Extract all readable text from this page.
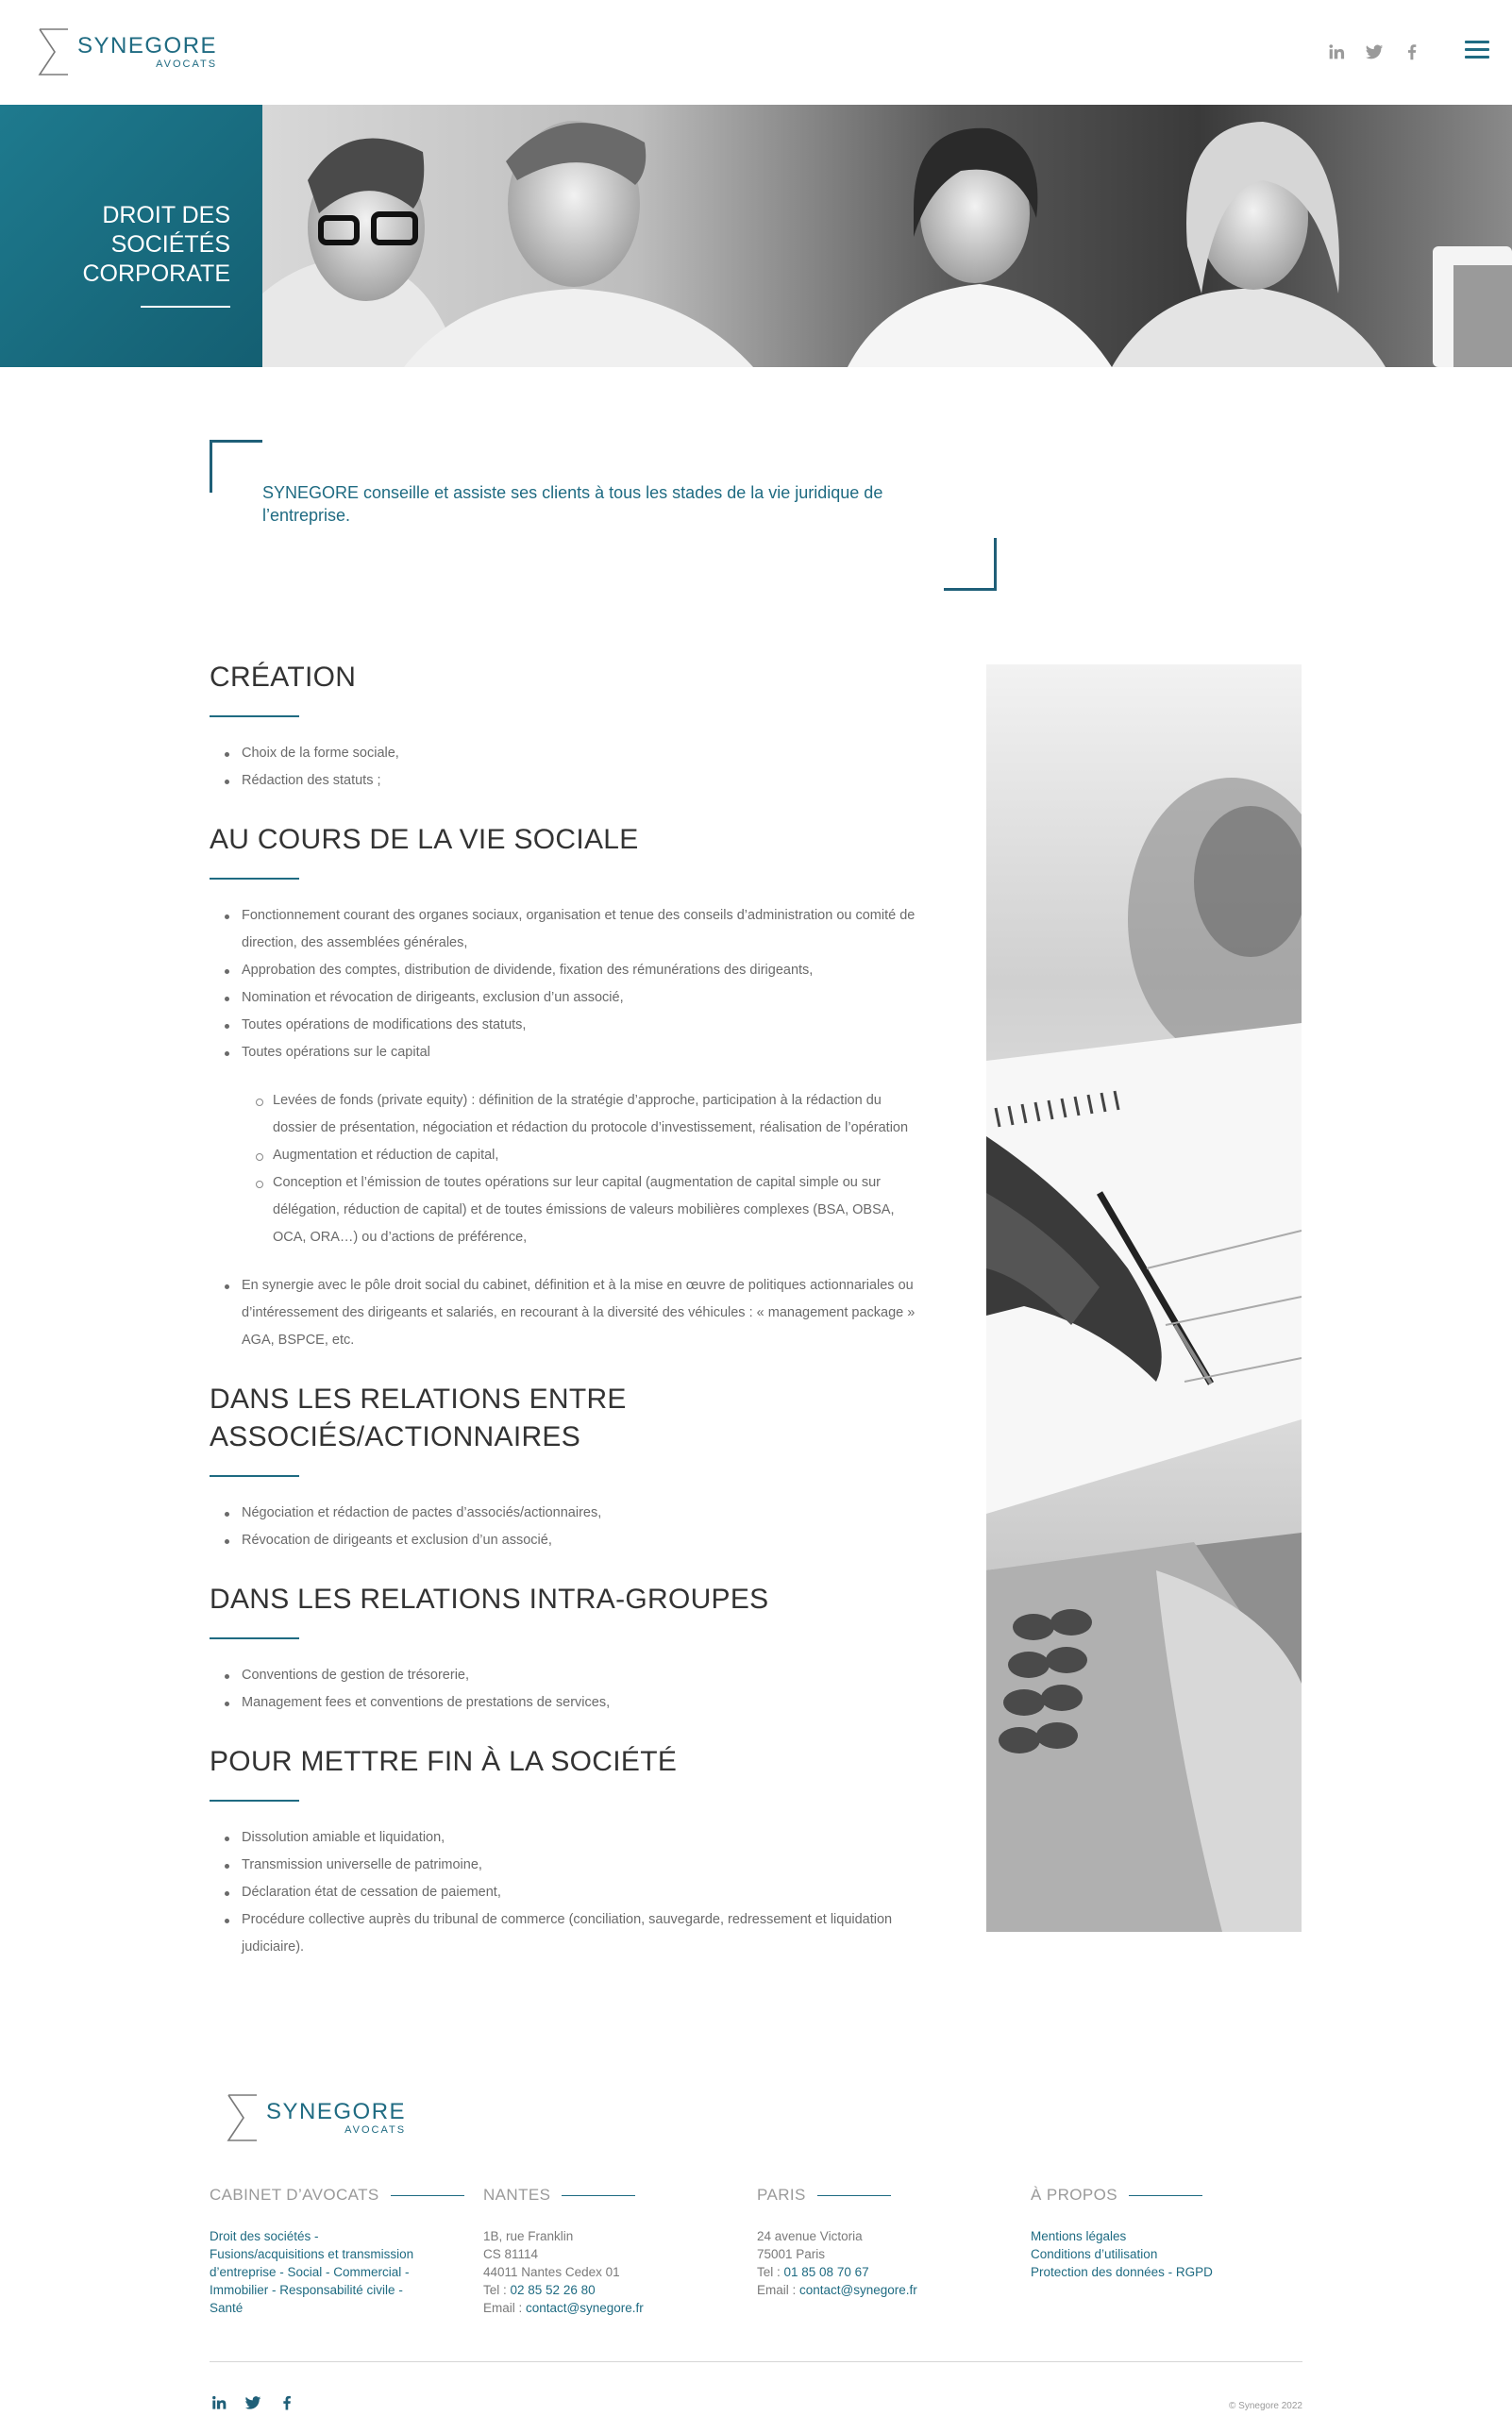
SYNEGORE
AVOCATS
DROIT DES
SOCIÉTÉS
CORPORATE

SYNEGORE conseille et assiste ses clients à tous les stades de la vie juridique de l’entreprise.

CRÉATION
Choix de la forme sociale,
Rédaction des statuts ;
AU COURS DE LA VIE SOCIALE
Fonctionnement courant des organes sociaux, organisation et tenue des conseils d’administration ou comité de direction, des assemblées générales,
Approbation des comptes, distribution de dividende, fixation des rémunérations des dirigeants,
Nomination et révocation de dirigeants, exclusion d’un associé,
Toutes opérations de modifications des statuts,
Toutes opérations sur le capital
Levées de fonds (private equity) : définition de la stratégie d’approche, participation à la rédaction du dossier de présentation, négociation et rédaction du protocole d’investissement, réalisation de l’opération
Augmentation et réduction de capital,
Conception et l’émission de toutes opérations sur leur capital (augmentation de capital simple ou sur délégation, réduction de capital) et de toutes émissions de valeurs mobilières complexes (BSA, OBSA, OCA, ORA…) ou d’actions de préférence,
En synergie avec le pôle droit social du cabinet, définition et à la mise en œuvre de politiques actionnariales ou d’intéressement des dirigeants et salariés, en recourant à la diversité des véhicules : « management package » AGA, BSPCE, etc.
DANS LES RELATIONS ENTRE ASSOCIÉS/ACTIONNAIRES
Négociation et rédaction de pactes d’associés/actionnaires,
Révocation de dirigeants et exclusion d’un associé,
DANS LES RELATIONS INTRA-GROUPES
Conventions de gestion de trésorerie,
Management fees et conventions de prestations de services,
POUR METTRE FIN À LA SOCIÉTÉ
Dissolution amiable et liquidation,
Transmission universelle de patrimoine,
Déclaration état de cessation de paiement,
Procédure collective auprès du tribunal de commerce (conciliation, sauvegarde, redressement et liquidation judiciaire).
SYNEGORE
AVOCATS
CABINET D’AVOCATS
Droit des sociétés - Fusions/acquisitions et transmission d’entreprise - Social - Commercial - Immobilier - Responsabilité civile - Santé
NANTES
1B, rue Franklin
CS 81114
44011 Nantes Cedex 01
Tel : 02 85 52 26 80
Email : contact@synegore.fr
PARIS
24 avenue Victoria
75001 Paris
Tel : 01 85 08 70 67
Email : contact@synegore.fr
À PROPOS
Mentions légales
Conditions d’utilisation
Protection des données - RGPD
© Synegore 2022
